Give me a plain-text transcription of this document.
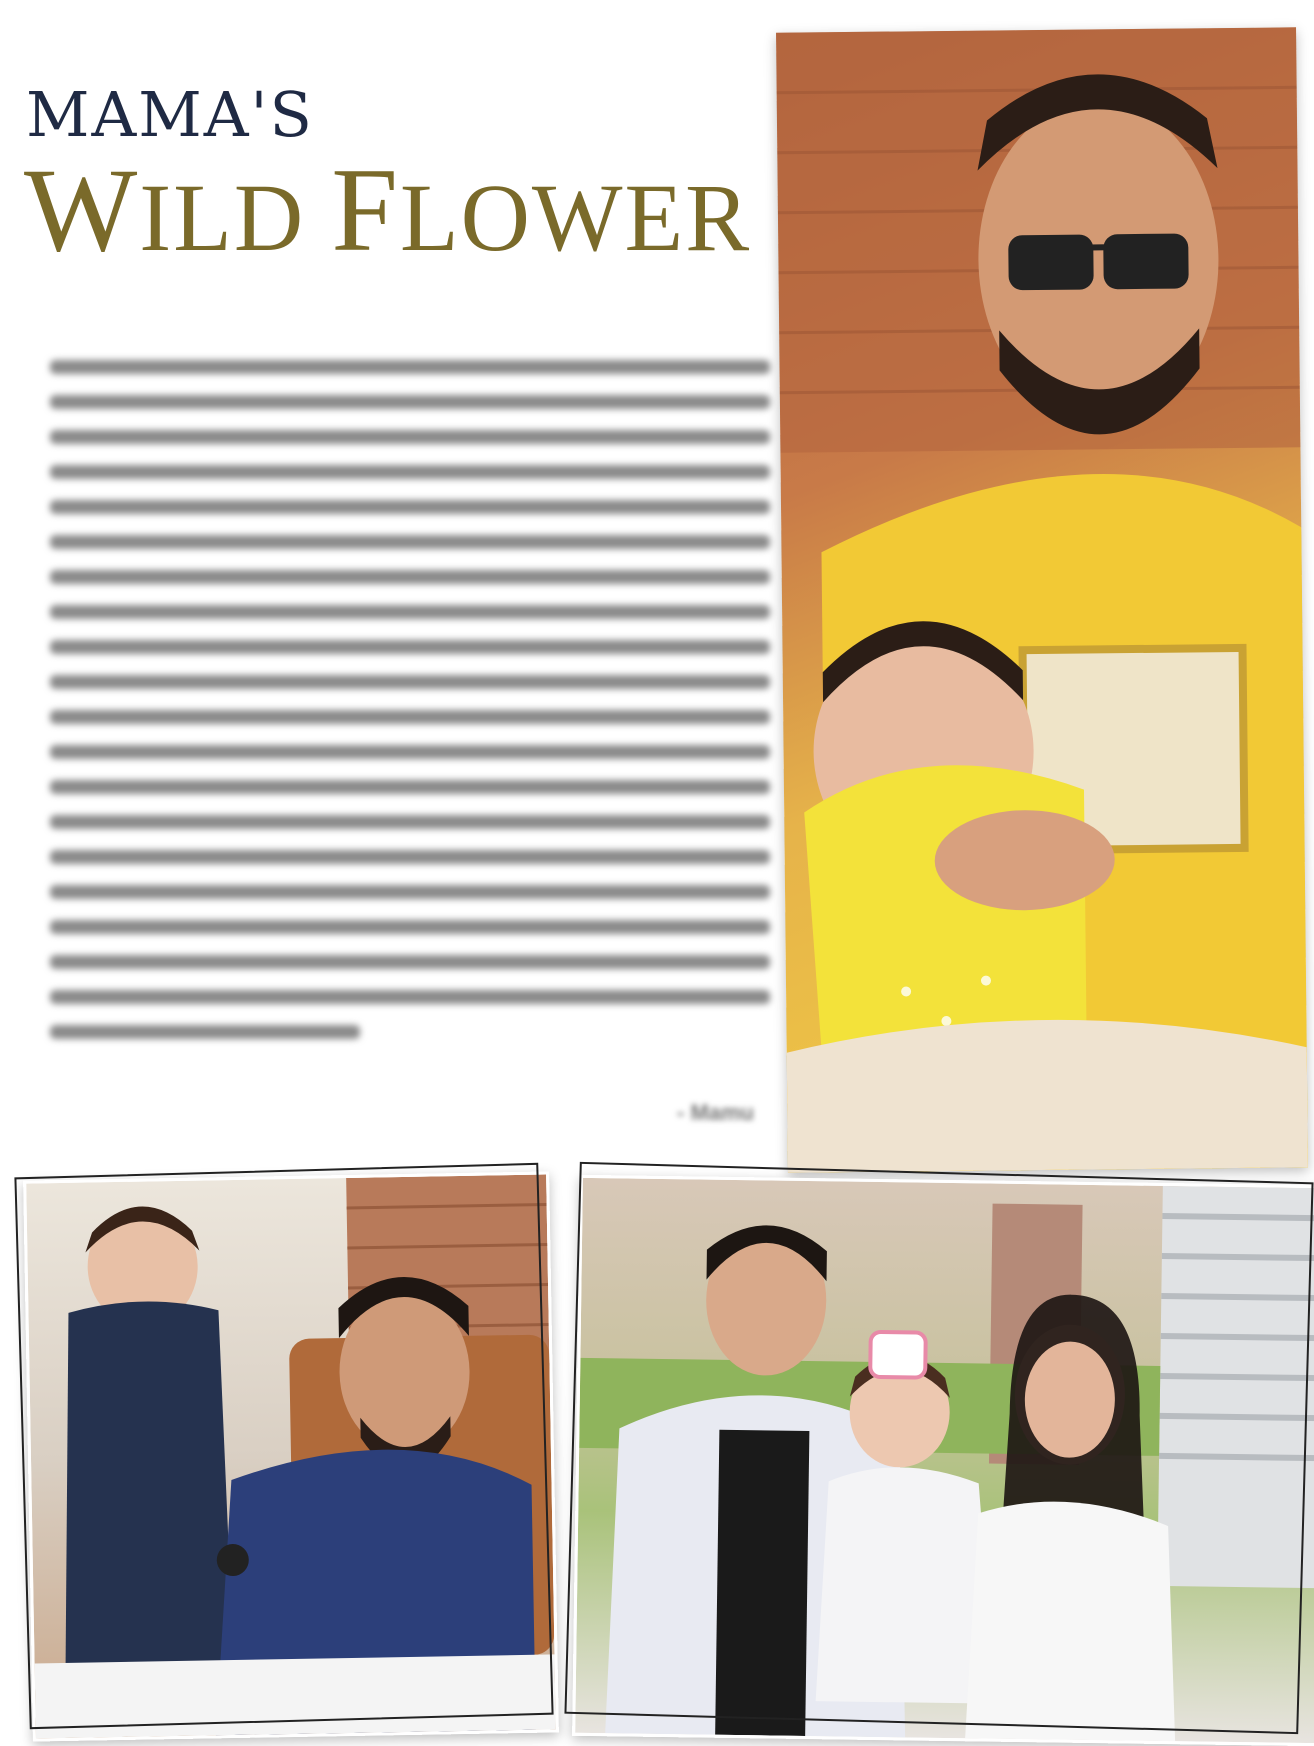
MAMA'S
WILD FLOWER
- Mamu
